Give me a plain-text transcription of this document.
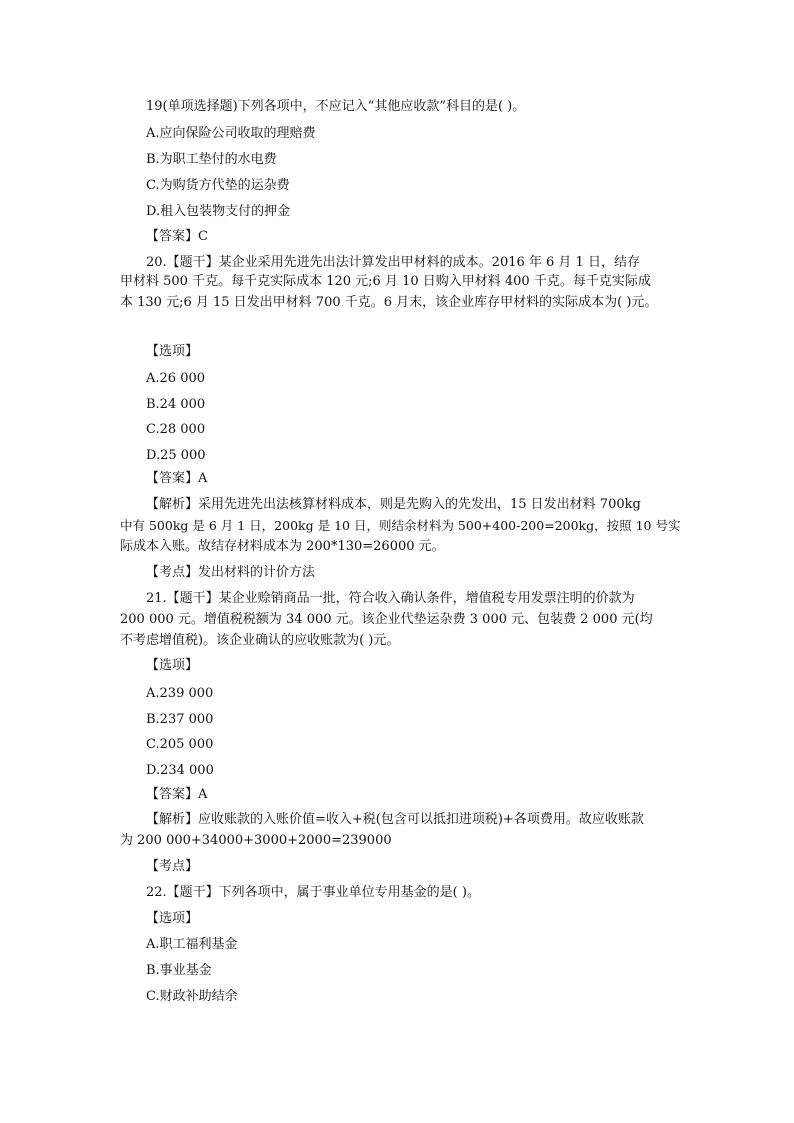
19(单项选择题)下列各项中，不应记入“其他应收款”科目的是( )。

A.应向保险公司收取的理赔费

B.为职工垫付的水电费

C.为购货方代垫的运杂费

D.租入包装物支付的押金

【答案】C

20.【题干】某企业采用先进先出法计算发出甲材料的成本。2016 年 6 月 1 日，结存

甲材料 500 千克。每千克实际成本 120 元;6 月 10 日购入甲材料 400 千克。每千克实际成

本 130 元;6 月 15 日发出甲材料 700 千克。6 月末，该企业库存甲材料的实际成本为( )元。

【选项】

A.26 000

B.24 000

C.28 000

D.25 000

【答案】A

【解析】采用先进先出法核算材料成本，则是先购入的先发出，15 日发出材料 700kg

中有 500kg 是 6 月 1 日，200kg 是 10 日，则结余材料为 500+400-200=200kg，按照 10 号实

际成本入账。故结存材料成本为 200*130=26000 元。

【考点】发出材料的计价方法

21.【题干】某企业赊销商品一批，符合收入确认条件，增值税专用发票注明的价款为

200 000 元。增值税税额为 34 000 元。该企业代垫运杂费 3 000 元、包装费 2 000 元(均

不考虑增值税)。该企业确认的应收账款为( )元。

【选项】

A.239 000

B.237 000

C.205 000

D.234 000

【答案】A

【解析】应收账款的入账价值=收入+税(包含可以抵扣进项税)+各项费用。故应收账款

为 200 000+34000+3000+2000=239000

【考点】

22.【题干】下列各项中，属于事业单位专用基金的是( )。

【选项】

A.职工福利基金

B.事业基金

C.财政补助结余
